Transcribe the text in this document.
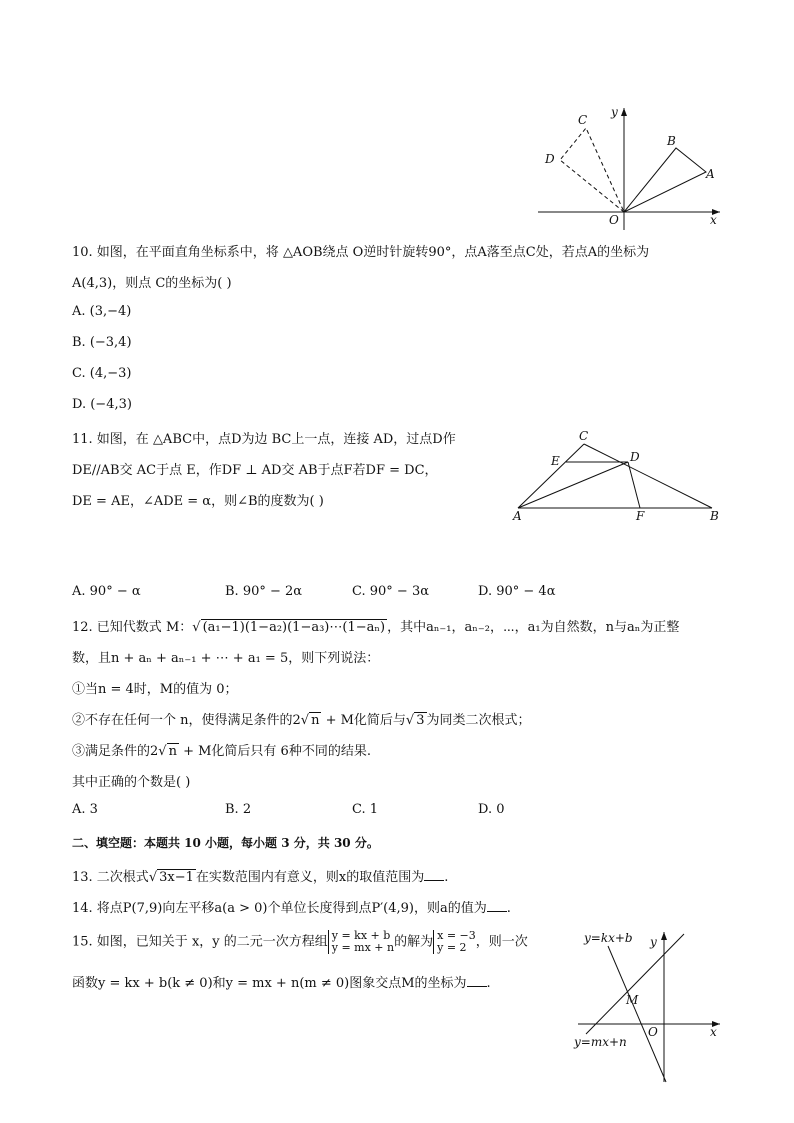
C
D
B
A
O	x
y
10. 如图，在平面直角坐标系中，将 △AOB绕点 O逆时针旋转90°，点A落至点C处，若点A的坐标为
A(4,3)，则点 C的坐标为( )
A. (3,−4)
B. (−3,4)
C. (4,−3)
D. (−4,3)
11. 如图，在 △ABC中，点D为边 BC上一点，连接 AD，过点D作
DE//AB交 AC于点 E，作DF ⊥ AD交 AB于点F若DF = DC，
DE = AE，∠ADE = α，则∠B的度数为( )
C
E	D
A	F	B
A. 90° − α	B. 90° − 2α	C. 90° − 3α	D. 90° − 4α
12. 已知代数式 M：√ (a₁−1)(1−a₂)(1−a₃)⋯(1−aₙ) ，其中aₙ₋₁，aₙ₋₂，⋯，a₁为自然数，n与aₙ为正整
数，且n + aₙ + aₙ₋₁ + ⋯ + a₁ = 5，则下列说法：
①当n = 4时，M的值为 0；
②不存在任何一个 n，使得满足条件的2√ n + M化简后与√ 3 为同类二次根式；
③满足条件的2√ n + M化简后只有 6种不同的结果.
其中正确的个数是( )
A. 3	B. 2	C. 1	D. 0
二、填空题：本题共 10 小题，每小题 3 分，共 30 分。
13. 二次根式√ 3x−1 在实数范围内有意义，则x的取值范围为 .
14. 将点P(7,9)向左平移a(a > 0)个单位长度得到点P′(4,9)，则a的值为 .
15. 如图，已知关于 x，y 的二元一次方程组 y = kx + b
y = mx + n的解为 x = −3
y = 2 ，则一次
函数y = kx + b(k ≠ 0)和y = mx + n(m ≠ 0)图象交点M的坐标为 .
y=kx+b
y=mx+n
M
O	x
y
